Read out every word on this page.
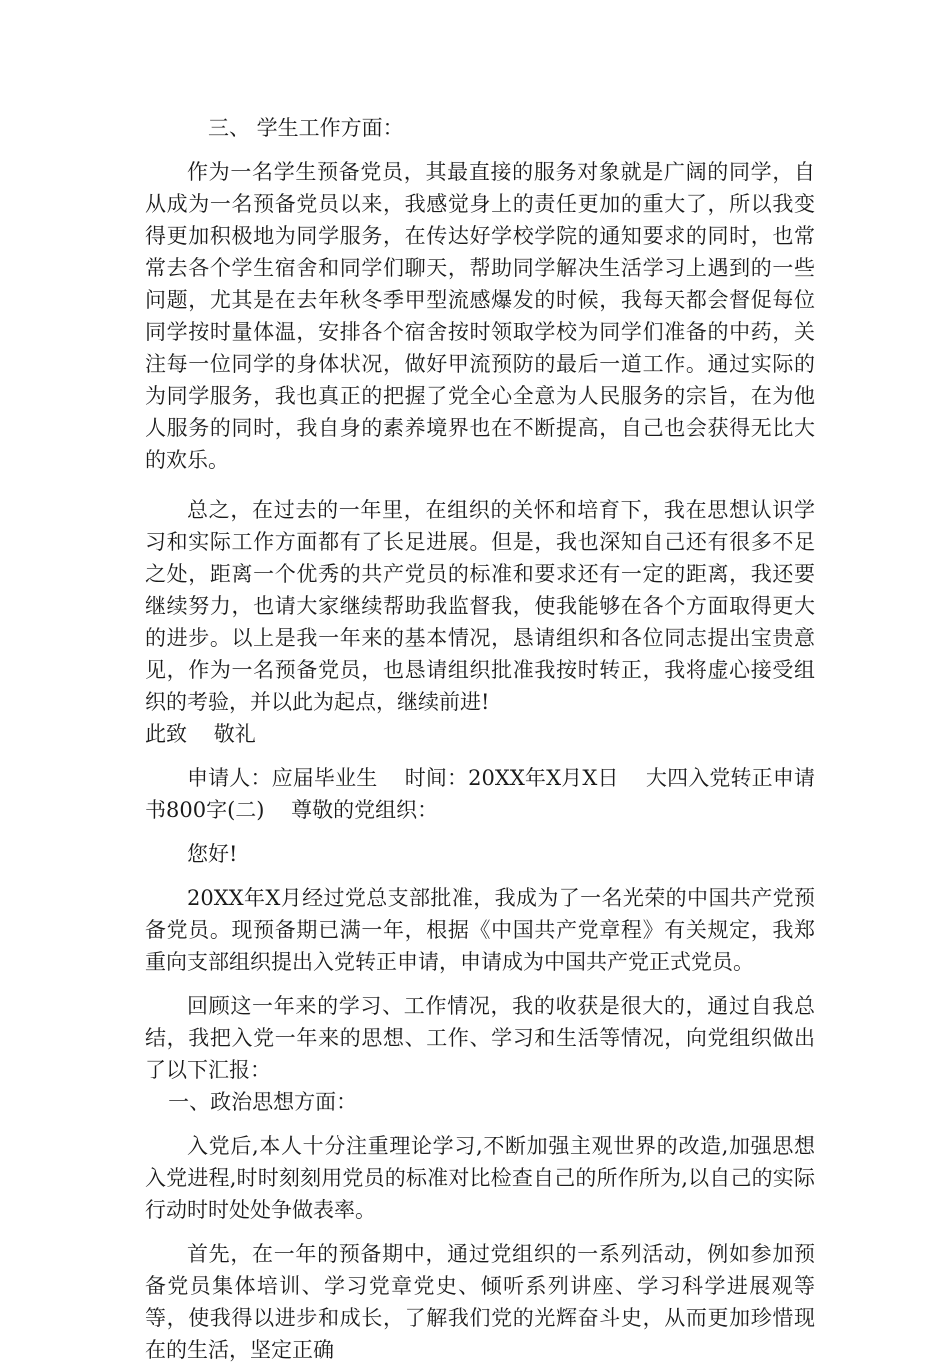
三、 学生工作方面：

作为一名学生预备党员，其最直接的服务对象就是广阔的同学，自从成为一名预备党员以来，我感觉身上的责任更加的重大了，所以我变得更加积极地为同学服务，在传达好学校学院的通知要求的同时，也常常去各个学生宿舍和同学们聊天，帮助同学解决生活学习上遇到的一些问题，尤其是在去年秋冬季甲型流感爆发的时候，我每天都会督促每位同学按时量体温，安排各个宿舍按时领取学校为同学们准备的中药，关注每一位同学的身体状况，做好甲流预防的最后一道工作。通过实际的为同学服务，我也真正的把握了党全心全意为人民服务的宗旨，在为他人服务的同时，我自身的素养境界也在不断提高，自己也会获得无比大的欢乐。

总之，在过去的一年里，在组织的关怀和培育下，我在思想认识学习和实际工作方面都有了长足进展。但是，我也深知自己还有很多不足之处，距离一个优秀的共产党员的标准和要求还有一定的距离，我还要继续努力，也请大家继续帮助我监督我，使我能够在各个方面取得更大的进步。以上是我一年来的基本情况，恳请组织和各位同志提出宝贵意见，作为一名预备党员，也恳请组织批准我按时转正，我将虚心接受组织的考验，并以此为起点，继续前进!

此致    敬礼

申请人：应届毕业生    时间：20XX年X月X日    大四入党转正申请书800字(二)    尊敬的党组织：

您好!

20XX年X月经过党总支部批准，我成为了一名光荣的中国共产党预备党员。现预备期已满一年，根据《中国共产党章程》有关规定，我郑重向支部组织提出入党转正申请，申请成为中国共产党正式党员。

回顾这一年来的学习、工作情况，我的收获是很大的，通过自我总结，我把入党一年来的思想、工作、学习和生活等情况，向党组织做出了以下汇报：

一、政治思想方面：

入党后,本人十分注重理论学习,不断加强主观世界的改造,加强思想入党进程,时时刻刻用党员的标准对比检查自己的所作所为,以自己的实际行动时时处处争做表率。

首先，在一年的预备期中，通过党组织的一系列活动，例如参加预备党员集体培训、学习党章党史、倾听系列讲座、学习科学进展观等等，使我得以进步和成长，了解我们党的光辉奋斗史，从而更加珍惜现在的生活，坚定正确
